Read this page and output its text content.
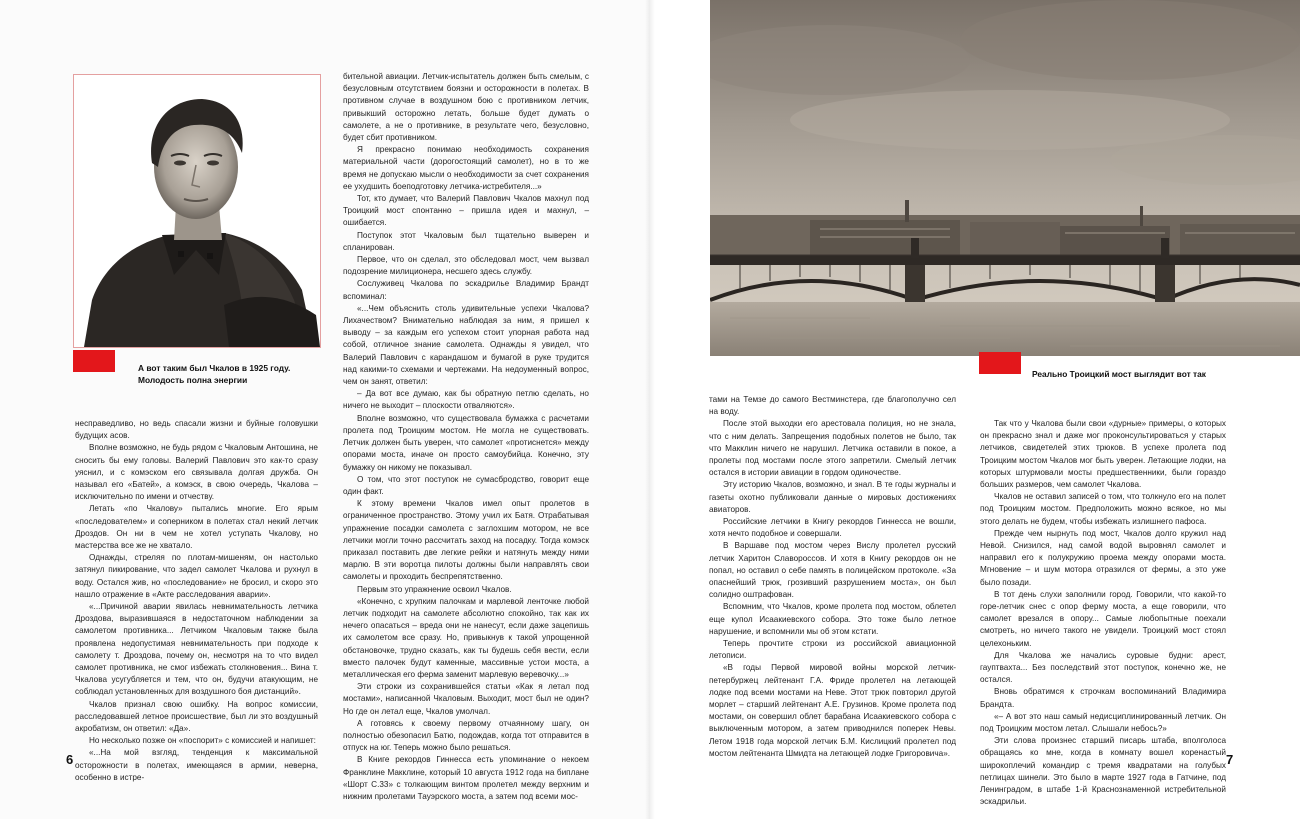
А вот таким был Чкалов в 1925 году.
Молодость полна энергии

несправедливо, но ведь спасали жизни и буйные головушки будущих асов.

Вполне возможно, не будь рядом с Чкаловым Антошина, не сносить бы ему головы. Валерий Павлович это как-то сразу уяснил, и с комэском его связывала долгая дружба. Он называл его «Батей», а комэск, в свою очередь, Чкалова – исключительно по имени и отчеству.

Летать «по Чкалову» пытались многие. Его ярым «последователем» и соперником в полетах стал некий летчик Дроздов. Он ни в чем не хотел уступать Чкалову, но мастерства все же не хватало.

Однажды, стреляя по плотам-мишеням, он настолько затянул пикирование, что задел самолет Чкалова и рухнул в воду. Остался жив, но «последование» не бросил, и скоро это нашло отражение в «Акте расследования аварии».

«...Причиной аварии явилась невнимательность летчика Дроздова, выразившаяся в недостаточном наблюдении за самолетом противника... Летчиком Чкаловым также была проявлена недопустимая невнимательность при подходе к самолету т. Дроздова, почему он, несмотря на то что видел самолет противника, не смог избежать столкновения... Вина т. Чкалова усугубляется и тем, что он, будучи атакующим, не соблюдал установленных для воздушного боя дистанций».

Чкалов признал свою ошибку. На вопрос комиссии, расследовавшей летное происшествие, был ли это воздушный акробатизм, он ответил: «Да».

Но несколько позже он «поспорит» с комиссией и напишет:

«...На мой взгляд, тенденция к максимальной осторожности в полетах, имеющаяся в армии, неверна, особенно в истре-

бительной авиации. Летчик-испытатель должен быть смелым, с безусловным отсутствием боязни и осторожности в полетах. В противном случае в воздушном бою с противником летчик, привыкший осторожно летать, больше будет думать о самолете, а не о противнике, в результате чего, безусловно, будет сбит противником.

Я прекрасно понимаю необходимость сохранения материальной части (дорогостоящий самолет), но в то же время не допускаю мысли о необходимости за счет сохранения ее ухудшить боеподготовку летчика-истребителя...»

Тот, кто думает, что Валерий Павлович Чкалов махнул под Троицкий мост спонтанно – пришла идея и махнул, – ошибается.

Поступок этот Чкаловым был тщательно выверен и спланирован.

Первое, что он сделал, это обследовал мост, чем вызвал подозрение милиционера, несшего здесь службу.

Сослуживец Чкалова по эскадрилье Владимир Брандт вспоминал:

«...Чем объяснить столь удивительные успехи Чкалова? Лихачеством? Внимательно наблюдая за ним, я пришел к выводу – за каждым его успехом стоит упорная работа над собой, отличное знание самолета. Однажды я увидел, что Валерий Павлович с карандашом и бумагой в руке трудится над какими-то схемами и чертежами. На недоуменный вопрос, чем он занят, ответил:

– Да вот все думаю, как бы обратную петлю сделать, но ничего не выходит – плоскости отваляются».

Вполне возможно, что существовала бумажка с расчетами пролета под Троицким мостом. Не могла не существовать. Летчик должен быть уверен, что самолет «протиснется» между опорами моста, иначе он просто самоубийца. Конечно, эту бумажку он никому не показывал.

О том, что этот поступок не сумасбродство, говорит еще один факт.

К этому времени Чкалов имел опыт пролетов в ограниченное пространство. Этому учил их Батя. Отрабатывая упражнение посадки самолета с заглохшим мотором, не все летчики могли точно рассчитать заход на посадку. Тогда комэск приказал поставить две легкие рейки и натянуть между ними марлю. В эти воротца пилоты должны были направлять свои самолеты и проходить беспрепятственно.

Первым это упражнение освоил Чкалов.

«Конечно, с хрупким палочкам и марлевой ленточке любой летчик подходит на самолете абсолютно спокойно, так как их нечего опасаться – вреда они не нанесут, если даже зацепишь их самолетом все сразу. Но, привыкнув к такой упрощенной обстановочке, трудно сказать, как ты будешь себя вести, если вместо палочек будут каменные, массивные устои моста, а металлическая его ферма заменит марлевую веревочку...»

Эти строки из сохранившейся статьи «Как я летал под мостами», написанной Чкаловым. Выходит, мост был не один? Но где он летал еще, Чкалов умолчал.

А готовясь к своему первому отчаянному шагу, он полностью обезопасил Батю, подождав, когда тот отправится в отпуск на юг. Теперь можно было решаться.

В Книге рекордов Гиннесса есть упоминание о некоем Франклине Макклине, который 10 августа 1912 года на биплане «Шорт С.33» с толкающим винтом пролетел между верхним и нижним пролетами Тауэрского моста, а затем под всеми мос-

6
Реально Троицкий мост выглядит вот так

тами на Темзе до самого Вестминстера, где благополучно сел на воду.

После этой выходки его арестовала полиция, но не знала, что с ним делать. Запрещения подобных полетов не было, так что Макклин ничего не нарушил. Летчика оставили в покое, а пролеты под мостами после этого запретили. Смелый летчик остался в истории авиации в гордом одиночестве.

Эту историю Чкалов, возможно, и знал. В те годы журналы и газеты охотно публиковали данные о мировых достижениях авиаторов.

Российские летчики в Книгу рекордов Гиннесса не вошли, хотя нечто подобное и совершали.

В Варшаве под мостом через Вислу пролетел русский летчик Харитон Славороссов. И хотя в Книгу рекордов он не попал, но оставил о себе память в полицейском протоколе. «За опаснейший трюк, грозивший разрушением моста», он был солидно оштрафован.

Вспомним, что Чкалов, кроме пролета под мостом, облетел еще купол Исаакиевского собора. Это тоже было летное нарушение, и вспомнили мы об этом кстати.

Теперь прочтите строки из российской авиационной летописи.

«В годы Первой мировой войны морской летчик-петербуржец лейтенант Г.А. Фриде пролетел на летающей лодке под всеми мостами на Неве. Этот трюк повторил другой морлет – старший лейтенант А.Е. Грузинов. Кроме пролета под мостами, он совершил облет барабана Исаакиевского собора с выключенным мотором, а затем приводнился поперек Невы. Летом 1918 года морской летчик Б.М. Кислицкий пролетел под мостом лейтенанта Шмидта на летающей лодке Григоровича».

Так что у Чкалова были свои «дурные» примеры, о которых он прекрасно знал и даже мог проконсультироваться у старых летчиков, свидетелей этих трюков. В успехе пролета под Троицким мостом Чкалов мог быть уверен. Летающие лодки, на которых штурмовали мосты предшественники, были гораздо больших размеров, чем самолет Чкалова.

Чкалов не оставил записей о том, что толкнуло его на полет под Троицким мостом. Предположить можно всякое, но мы этого делать не будем, чтобы избежать излишнего пафоса.

Прежде чем нырнуть под мост, Чкалов долго кружил над Невой. Снизился, над самой водой выровнял самолет и направил его к полукружию проема между опорами моста. Мгновение – и шум мотора отразился от фермы, а это уже было позади.

В тот день слухи заполнили город. Говорили, что какой-то горе-летчик снес с опор ферму моста, а еще говорили, что самолет врезался в опору... Самые любопытные поехали смотреть, но ничего такого не увидели. Троицкий мост стоял целехоньким.

Для Чкалова же начались суровые будни: арест, гауптвахта... Без последствий этот поступок, конечно же, не остался.

Вновь обратимся к строчкам воспоминаний Владимира Брандта.

«– А вот это наш самый недисциплинированный летчик. Он под Троицким мостом летал. Слышали небось?»

Эти слова произнес старший писарь штаба, вполголоса обращаясь ко мне, когда в комнату вошел коренастый широкоплечий командир с тремя квадратами на голубых петлицах шинели. Это было в марте 1927 года в Гатчине, под Ленинградом, в штабе 1-й Краснознаменной истребительной эскадрильи.

7
